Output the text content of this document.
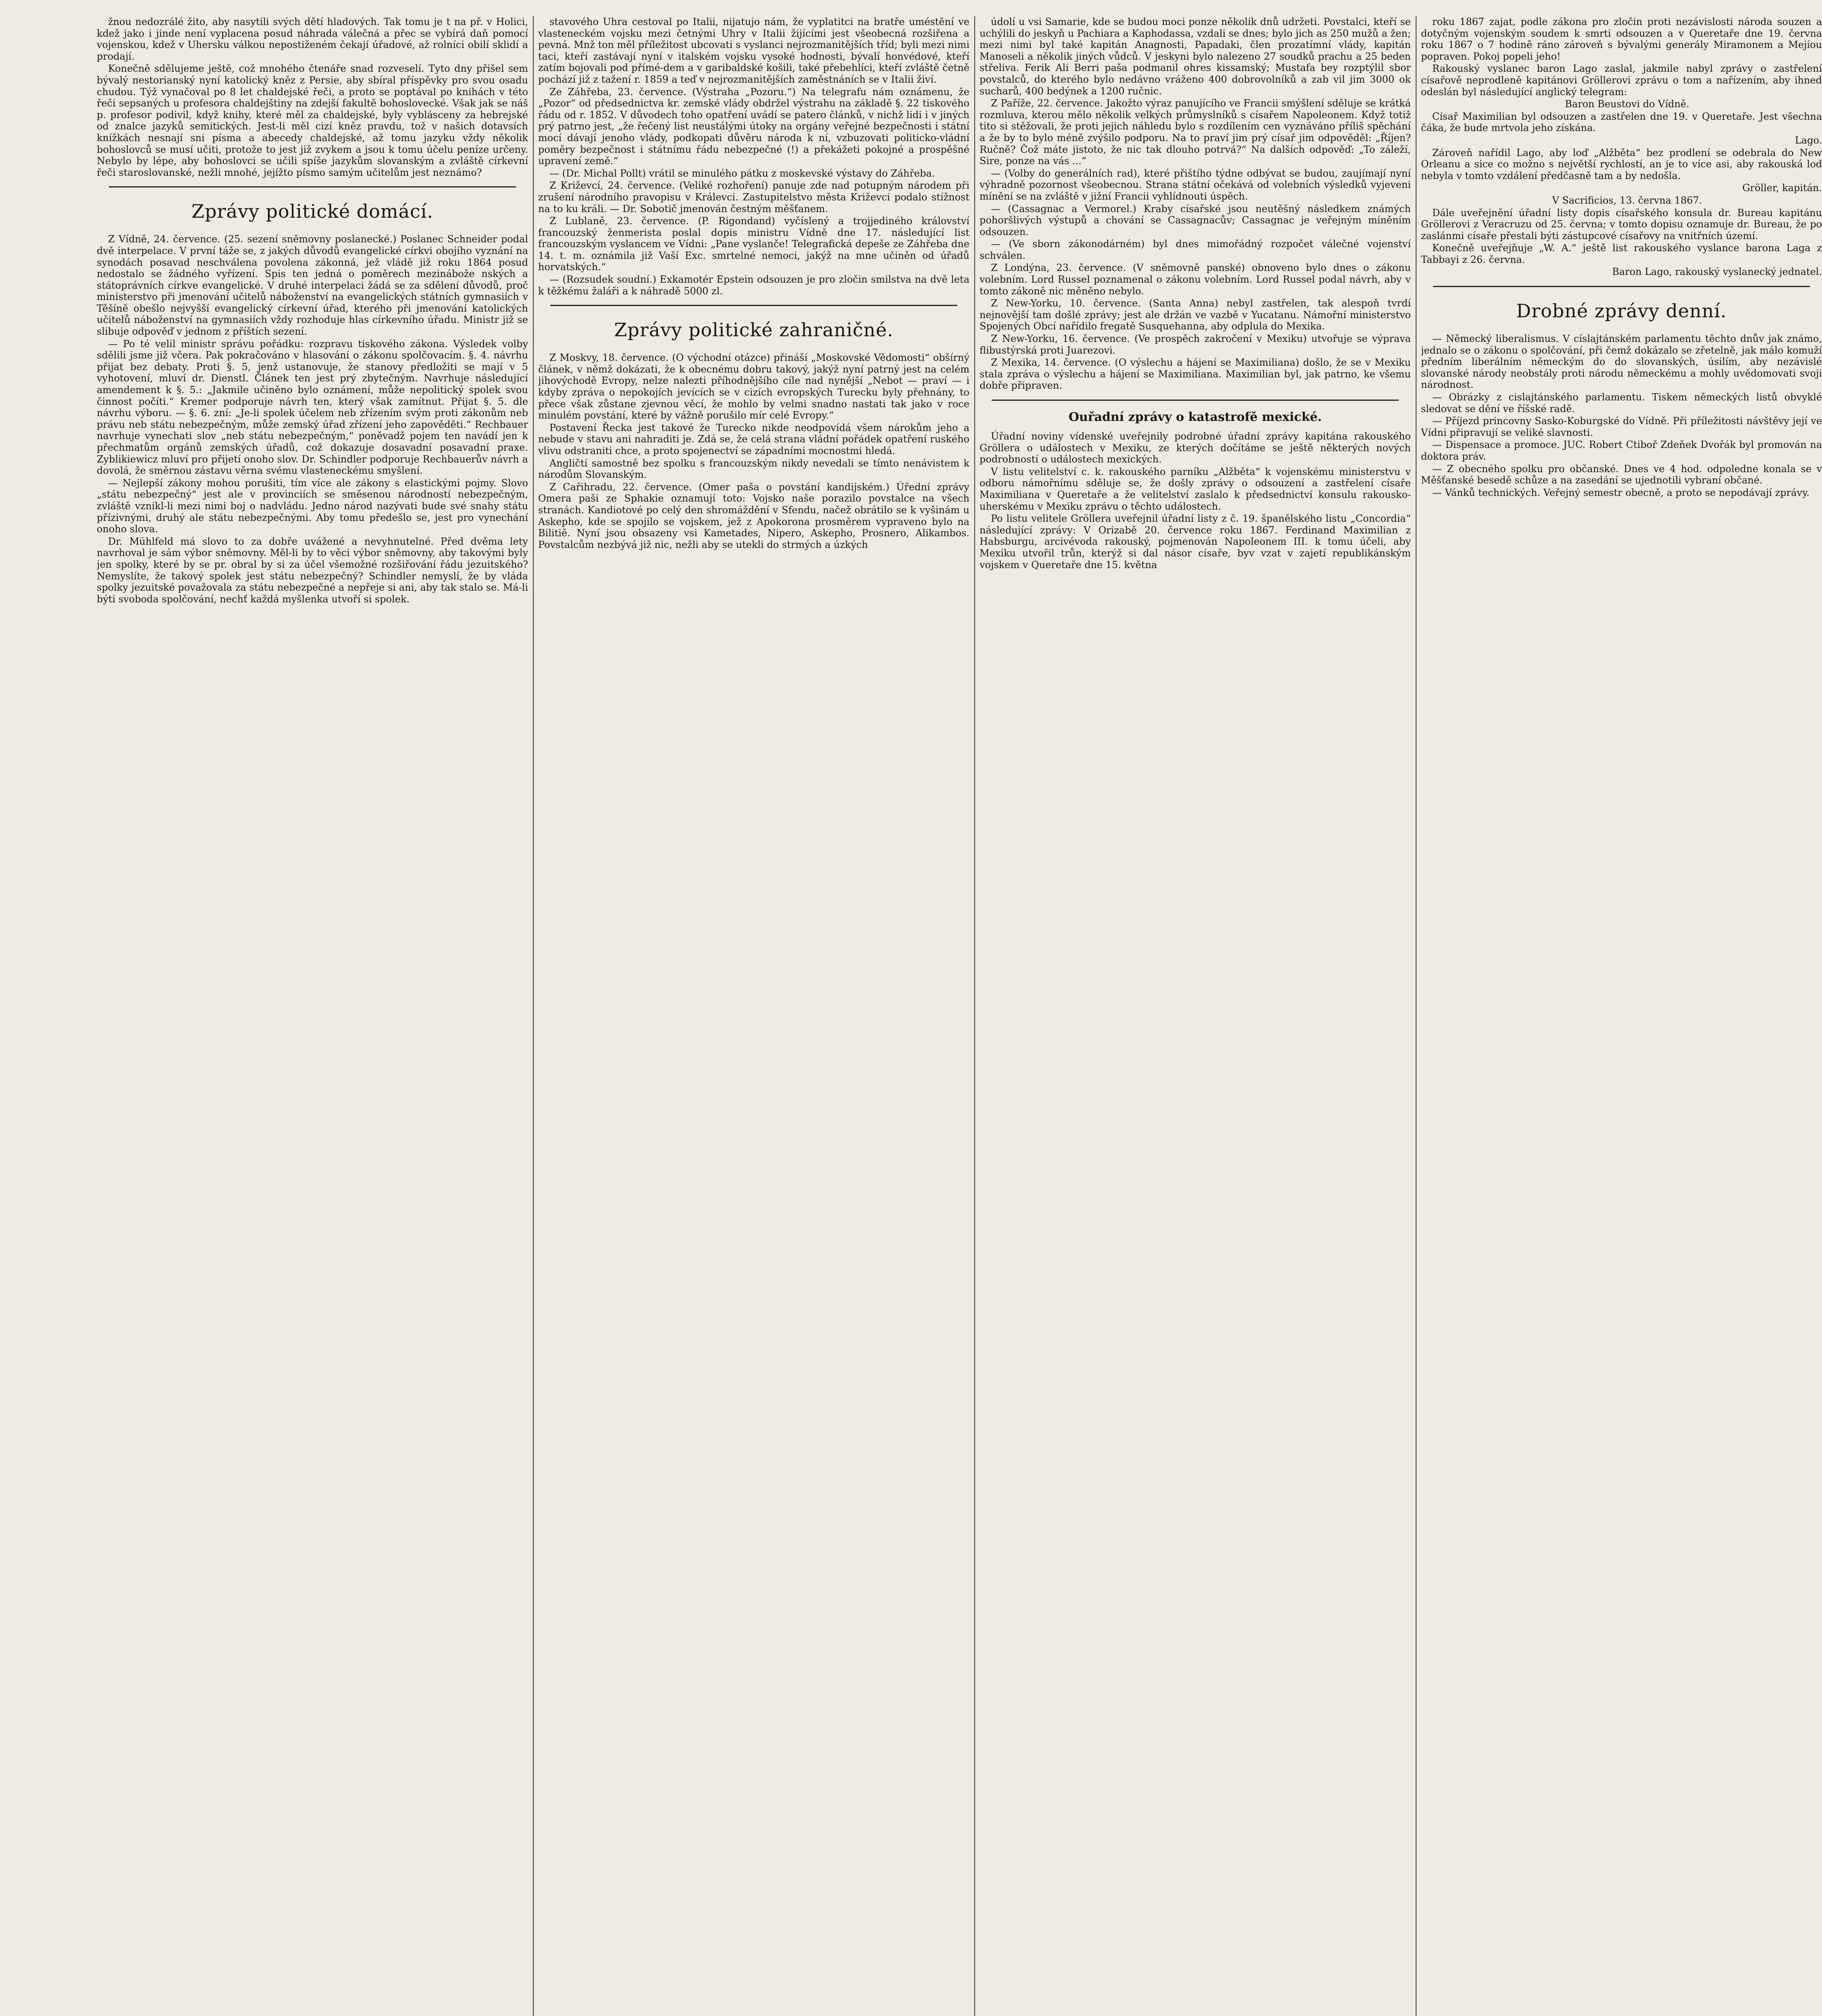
žnou nedozrálé žito, aby nasytili svých dětí hladových. Tak tomu je t na př. v Holici, kdež jako i jinde není vyplacena posud náhrada válečná a přec se vybírá daň pomocí vojenskou, kdež v Uhersku válkou nepostiženém čekají úřadové, až rolníci obilí sklidí a prodají.

Konečně sdělujeme ještě, což mnohého čtenáře snad rozveselí. Tyto dny přišel sem bývalý nestorianský nyní katolický kněz z Persie, aby sbíral příspěvky pro svou osadu chudou. Týž vynačoval po 8 let chaldejské řeči, a proto se poptával po knihách v této řeči sepsaných u profesora chaldejštiny na zdejší fakultě bohoslovecké. Však jak se náš p. profesor podivil, když knihy, které měl za chaldejské, byly vyblásceny za hebrejské od znalce jazyků semitických. Jest-li měl cizí kněz pravdu, tož v našich dotavsích knížkách nesnají sni písma a abecedy chaldejské, až tomu jazyku vždy několik bohoslovců se musí učiti, protože to jest již zvykem a jsou k tomu účelu peníze určeny. Nebylo by lépe, aby bohoslovci se učili spíše jazykům slovanským a zvláště církevní řeči staroslovanské, nežli mnohé, jejížto písmo samým učitelům jest neznámo?

Zprávy politické domácí.

Z Vídně, 24. července. (25. sezení sněmovny poslanecké.) Poslanec Schneider podal dvě interpelace. V první táže se, z jakých důvodů evangelické církvi obojího vyznání na synodách posavad neschválena povolena zákonná, jež vládě již roku 1864 posud nedostalo se žádného vyřízení. Spis ten jedná o poměrech mezinábože nských a státoprávních církve evangelické. V druhé interpelaci žádá se za sdělení důvodů, proč ministerstvo při jmenování učitelů náboženství na evangelických státních gymnasiích v Těšíně obešlo nejvyšší evangelický církevní úřad, kterého při jmenování katolických učitelů náboženství na gymnasiích vždy rozhoduje hlas církevního úřadu. Ministr již se slibuje odpověď v jednom z příštích sezení.

— Po té velil ministr správu pořádku: rozpravu tiskového zákona. Výsledek volby sdělili jsme již včera. Pak pokračováno v hlasování o zákonu spolčovacím. §. 4. návrhu přijat bez debaty. Proti §. 5, jenž ustanovuje, že stanovy předložiti se mají v 5 vyhotovení, mluví dr. Dienstl. Článek ten jest prý zbytečným. Navrhuje následující amendement k §. 5.: „Jakmile učiněno bylo oznámení, může nepolitický spolek svou činnost počíti.“ Kremer podporuje návrh ten, který však zamítnut. Přijat §. 5. dle návrhu výboru. — §. 6. zní: „Je-li spolek účelem neb zřízením svým proti zákonům neb právu neb státu nebezpečným, může zemský úřad zřízení jeho zapověděti.“ Rechbauer navrhuje vynechati slov „neb státu nebezpečným,“ poněvadž pojem ten navádí jen k přechmatům orgánů zemských úřadů, což dokazuje dosavadní posavadní praxe. Zyblikiewicz mluví pro přijetí onoho slov. Dr. Schindler podporuje Rechbauerův návrh a dovolá, že směrnou zástavu věrna svému vlasteneckému smyšlení.

— Nejlepší zákony mohou porušiti, tím více ale zákony s elastickými pojmy. Slovo „státu nebezpečný“ jest ale v provinciích se směsenou národností nebezpečným, zvláště vznikl-li mezi nimi boj o nadvládu. Jedno národ nazývati bude své snahy státu přízivnými, druhý ale státu nebezpečnými. Aby tomu předešlo se, jest pro vynechání onoho slova.

Dr. Mühlfeld má slovo to za dobře uvážené a nevyhnutelné. Před dvěma lety navrhoval je sám výbor sněmovny. Měl-li by to věci výbor sněmovny, aby takovými byly jen spolky, které by se pr. obral by si za účel všemožné rozšiřování řádu jezuitského? Nemyslíte, že takový spolek jest státu nebezpečný? Schindler nemyslí, že by vláda spolky jezuitské považovala za státu nebezpečné a nepřeje si ani, aby tak stalo se. Má-li býti svoboda spolčování, nechť každá myšlenka utvoří si spolek.

stavového Uhra cestoval po Italii, nijatujo nám, že vyplatitci na bratře uméstění ve vlasteneckém vojsku mezi četnými Uhry v Italii žijícími jest všeobecná rozšiřena a pevná. Mnž ton měl příležitost ubcovati s vyslanci nejrozmanitějších tříd; byli mezi nimi taci, kteří zastávají nyní v italském vojsku vysoké hodnosti, bývalí honvédové, kteří zatím bojovali pod přímé-dem a v garibaldské košili, také přebehlíci, kteří zvláště četně pochází již z tažení r. 1859 a teď v nejrozmanitějších zaměstnáních se v Italii živí.

Ze Záhřeba, 23. července. (Výstraha „Pozoru.“) Na telegrafu nám oznámenu, že „Pozor“ od předsednictva kr. zemské vlády obdržel výstrahu na základě §. 22 tiskového řádu od r. 1852. V důvodech toho opatření uvádí se patero článků, v nichž lidi i v jiných prý patrno jest, „že řečený list neustálými útoky na orgány veřejné bezpečnosti i státní mocí dávají jenoho vlády, podkopati důvěru národa k ní, vzbuzovati politicko-vládní poměry bezpečnost i státnímu řádu nebezpečné (!) a překážeti pokojné a prospěšné upravení země.“

— (Dr. Michal Pollt) vrátil se minulého pátku z moskevské výstavy do Záhřeba.

Z Križevcí, 24. července. (Veliké rozhoření) panuje zde nad potupným národem při zrušení národního pravopisu v Králevci. Zastupitelstvo města Križevci podalo stížnost na to ku králi. — Dr. Sobotič jmenován čestným měšťanem.

Z Lublaně, 23. července. (P. Rigondand) vyčíslený a trojjediného království francouzský ženmerista poslal dopis ministru Vídně dne 17. následující list francouzským vyslancem ve Vídni: „Pane vyslanče! Telegrafická depeše ze Záhřeba dne 14. t. m. oznámila již Vaší Exc. smrtelné nemoci, jakýž na mne učiněn od úřadů horvatských.“

— (Rozsudek soudní.) Exkamotér Epstein odsouzen je pro zločin smilstva na dvě leta k těžkému žaláři a k náhradě 5000 zl.

Zprávy politické zahraničné.

Z Moskvy, 18. července. (O východní otázce) přináší „Moskovské Vědomosti“ obšírný článek, v němž dokázati, že k obecnému dobru takový, jakýž nyní patrný jest na celém jihovýchodě Evropy, nelze nalezti příhodnějšího cíle nad nynější „Nebot — praví — i kdyby zpráva o nepokojích jevících se v cizích evropských Turecku byly přehnány, to přece však zůstane zjevnou věcí, že mohlo by velmi snadno nastati tak jako v roce minulém povstání, které by vážně porušilo mír celé Evropy.“

Postavení Řecka jest takové že Turecko nikde neodpovídá všem nárokům jeho a nebude v stavu ani nahraditi je. Zdá se, že celá strana vládní pořádek opatření ruského vlivu odstraniti chce, a proto spojenectví se západními mocnostmi hledá.

Angličtí samostně bez spolku s francouzským nikdy nevedali se tímto nenávistem k národům Slovanským.

Z Cařihradu, 22. července. (Omer paša o povstání kandijském.) Úřední zprávy Omera paši ze Sphakie oznamují toto: Vojsko naše porazilo povstalce na všech stranách. Kandiotové po celý den shromáždění v Sfendu, načež obrátilo se k vyšinám u Askepho, kde se spojilo se vojskem, jež z Apokorona prosměrem vypraveno bylo na Bilitiě. Nyní jsou obsazeny vsi Kametades, Nipero, Askepho, Prosnero, Alikambos. Povstalcům nezbývá již nic, nežli aby se utekli do strmých a úzkých

údolí u vsi Samarie, kde se budou moci ponze několik dnů udržeti. Povstalci, kteří se uchýlili do jeskyň u Pachiara a Kaphodassa, vzdali se dnes; bylo jich as 250 mužů a žen; mezi nimi byl také kapitán Anagnosti, Papadaki, člen prozatímní vlády, kapitán Manoseli a několik jiných vůdců. V jeskyni bylo nalezeno 27 soudků prachu a 25 beden střeliva. Ferik Ali Berri paša podmanil ohres kissamský; Mustafa bey rozptýlil sbor povstalců, do kterého bylo nedávno vráženo 400 dobrovolníků a zab vil jim 3000 ok sucharů, 400 bedýnek a 1200 ručnic.

Z Paříže, 22. července. Jakožto výraz panujícího ve Francii smýšlení sděluje se krátká rozmluva, kterou mělo několik velkých průmyslníků s císařem Napoleonem. Když totiž tito si stěžovali, že proti jejich náhledu bylo s rozdílením cen vyznáváno příliš spěchání a že by to bylo méně zvýšilo podporu. Na to praví jim prý císař jim odpověděl: „Říjen? Ručně? Čož máte jistoto, že nic tak dlouho potrvá?“ Na dalších odpověď: „To záleží, Sire, ponze na vás ...“

— (Volby do generálních rad), které přištího týdne odbývat se budou, zaujímají nyní výhradně pozornost všeobecnou. Strana státní očekává od volebních výsledků vyjeveni mínění se na zvláště v jižní Francii vyhlídnouti úspěch.

— (Cassagnac a Vermorel.) Kraby císařské jsou neutěšný následkem známých pohoršlivých výstupů a chování se Cassagnacův; Cassagnac je veřejným míněním odsouzen.

— (Ve sborn zákonodárném) byl dnes mimořádný rozpočet válečné vojenství schválen.

Z Londýna, 23. července. (V sněmovně panské) obnoveno bylo dnes o zákonu volebním. Lord Russel poznamenal o zákonu volebním. Lord Russel podal návrh, aby v tomto zákoně nic měněno nebylo.

Z New-Yorku, 10. července. (Santa Anna) nebyl zastřelen, tak alespoň tvrdí nejnovější tam došlé zprávy; jest ale držán ve vazbě v Yucatanu. Námořní ministerstvo Spojených Obcí nařídilo fregatě Susquehanna, aby odplula do Mexika.

Z New-Yorku, 16. července. (Ve prospěch zakročení v Mexiku) utvořuje se výprava flibustýrská proti Juarezovi.

Z Mexika, 14. července. (O výslechu a hájení se Maximiliana) došlo, že se v Mexiku stala zpráva o výslechu a hájení se Maximiliana. Maximilian byl, jak patrno, ke všemu dobře připraven.

Ouřadní zprávy o katastrofě mexické.

Úřadní noviny vídenské uveřejnily podrobné úřadní zprávy kapitána rakouského Gröllera o událostech v Mexiku, ze kterých dočítáme se ještě některých nových podrobností o událostech mexických.

V listu velitelství c. k. rakouského parníku „Alžběta“ k vojenskému ministerstvu v odboru námořnímu sděluje se, že došly zprávy o odsouzení a zastřelení císaře Maximiliana v Queretaře a že velitelství zaslalo k předsednictví konsulu rakousko-uherskému v Mexiku zprávu o těchto událostech.

Po listu velitele Gröllera uveřejnil úřadní listy z č. 19. španělského listu „Concordia“ následující zprávy: V Orizabě 20. července roku 1867. Ferdinand Maximilian z Habsburgu, arcivévoda rakouský, pojmenován Napoleonem III. k tomu účeli, aby Mexiku utvořil trůn, kterýž si dal násor císaře, byv vzat v zajetí republikánským vojskem v Queretaře dne 15. května

roku 1867 zajat, podle zákona pro zločin proti nezávislosti národa souzen a dotyčným vojenským soudem k smrti odsouzen a v Queretaře dne 19. června roku 1867 o 7 hodině ráno zároveň s bývalými generály Miramonem a Mejíou popraven. Pokoj popeli jeho!

Rakouský vyslanec baron Lago zaslal, jakmile nabyl zprávy o zastřelení císařově neprodleně kapitánovi Gröllerovi zprávu o tom a nařízením, aby ihned odeslán byl následující anglický telegram:

Baron Beustovi do Vídně.

Císař Maximilian byl odsouzen a zastřelen dne 19. v Queretaře. Jest všechna čáka, že bude mrtvola jeho získána.

Lago.

Zároveň nařídil Lago, aby loď „Alžběta“ bez prodlení se odebrala do New Orleanu a sice co možno s největší rychlostí, an je to více asi, aby rakouská loď nebyla v tomto vzdálení předčasně tam a by nedošla.

Gröller, kapitán.

V Sacrificios, 13. června 1867.

Dále uveřejnění úřadní listy dopis císařského konsula dr. Bureau kapitánu Gröllerovi z Veracruzu od 25. června; v tomto dopisu oznamuje dr. Bureau, že po zaslánmi císaře přestali býti zástupcové císařovy na vnitřních území.

Konečně uveřejňuje „W. A.“ ještě list rakouského vyslance barona Laga z Tabbayi z 26. června.

Baron Lago, rakouský vyslanecký jednatel.

Drobné zprávy denní.

— Německý liberalismus. V císlajtánském parlamentu těchto dnův jak známo, jednalo se o zákonu o spolčování, při čemž dokázalo se zřetelně, jak málo komuží předním liberálním německým do do slovanských, úsilím, aby nezávislé slovanské národy neobstály proti národu německému a mohly uvědomovati svoji národnost.

— Obrázky z cislajtánského parlamentu. Tiskem německých listů obvyklé sledovat se dění ve říšské radě.

— Příjezd princovny Sasko-Koburgské do Vídně. Při příležitosti návštěvy její ve Vídni připravují se veliké slavnosti.

— Dispensace a promoce. JUC. Robert Ctiboř Zdeňek Dvořák byl promován na doktora práv.

— Z obecného spolku pro občanské. Dnes ve 4 hod. odpoledne konala se v Měšťanské besedě schůze a na zasedání se ujednotili vybraní občané.

— Vánků technických. Veřejný semestr obecně, a proto se nepodávají zprávy.
